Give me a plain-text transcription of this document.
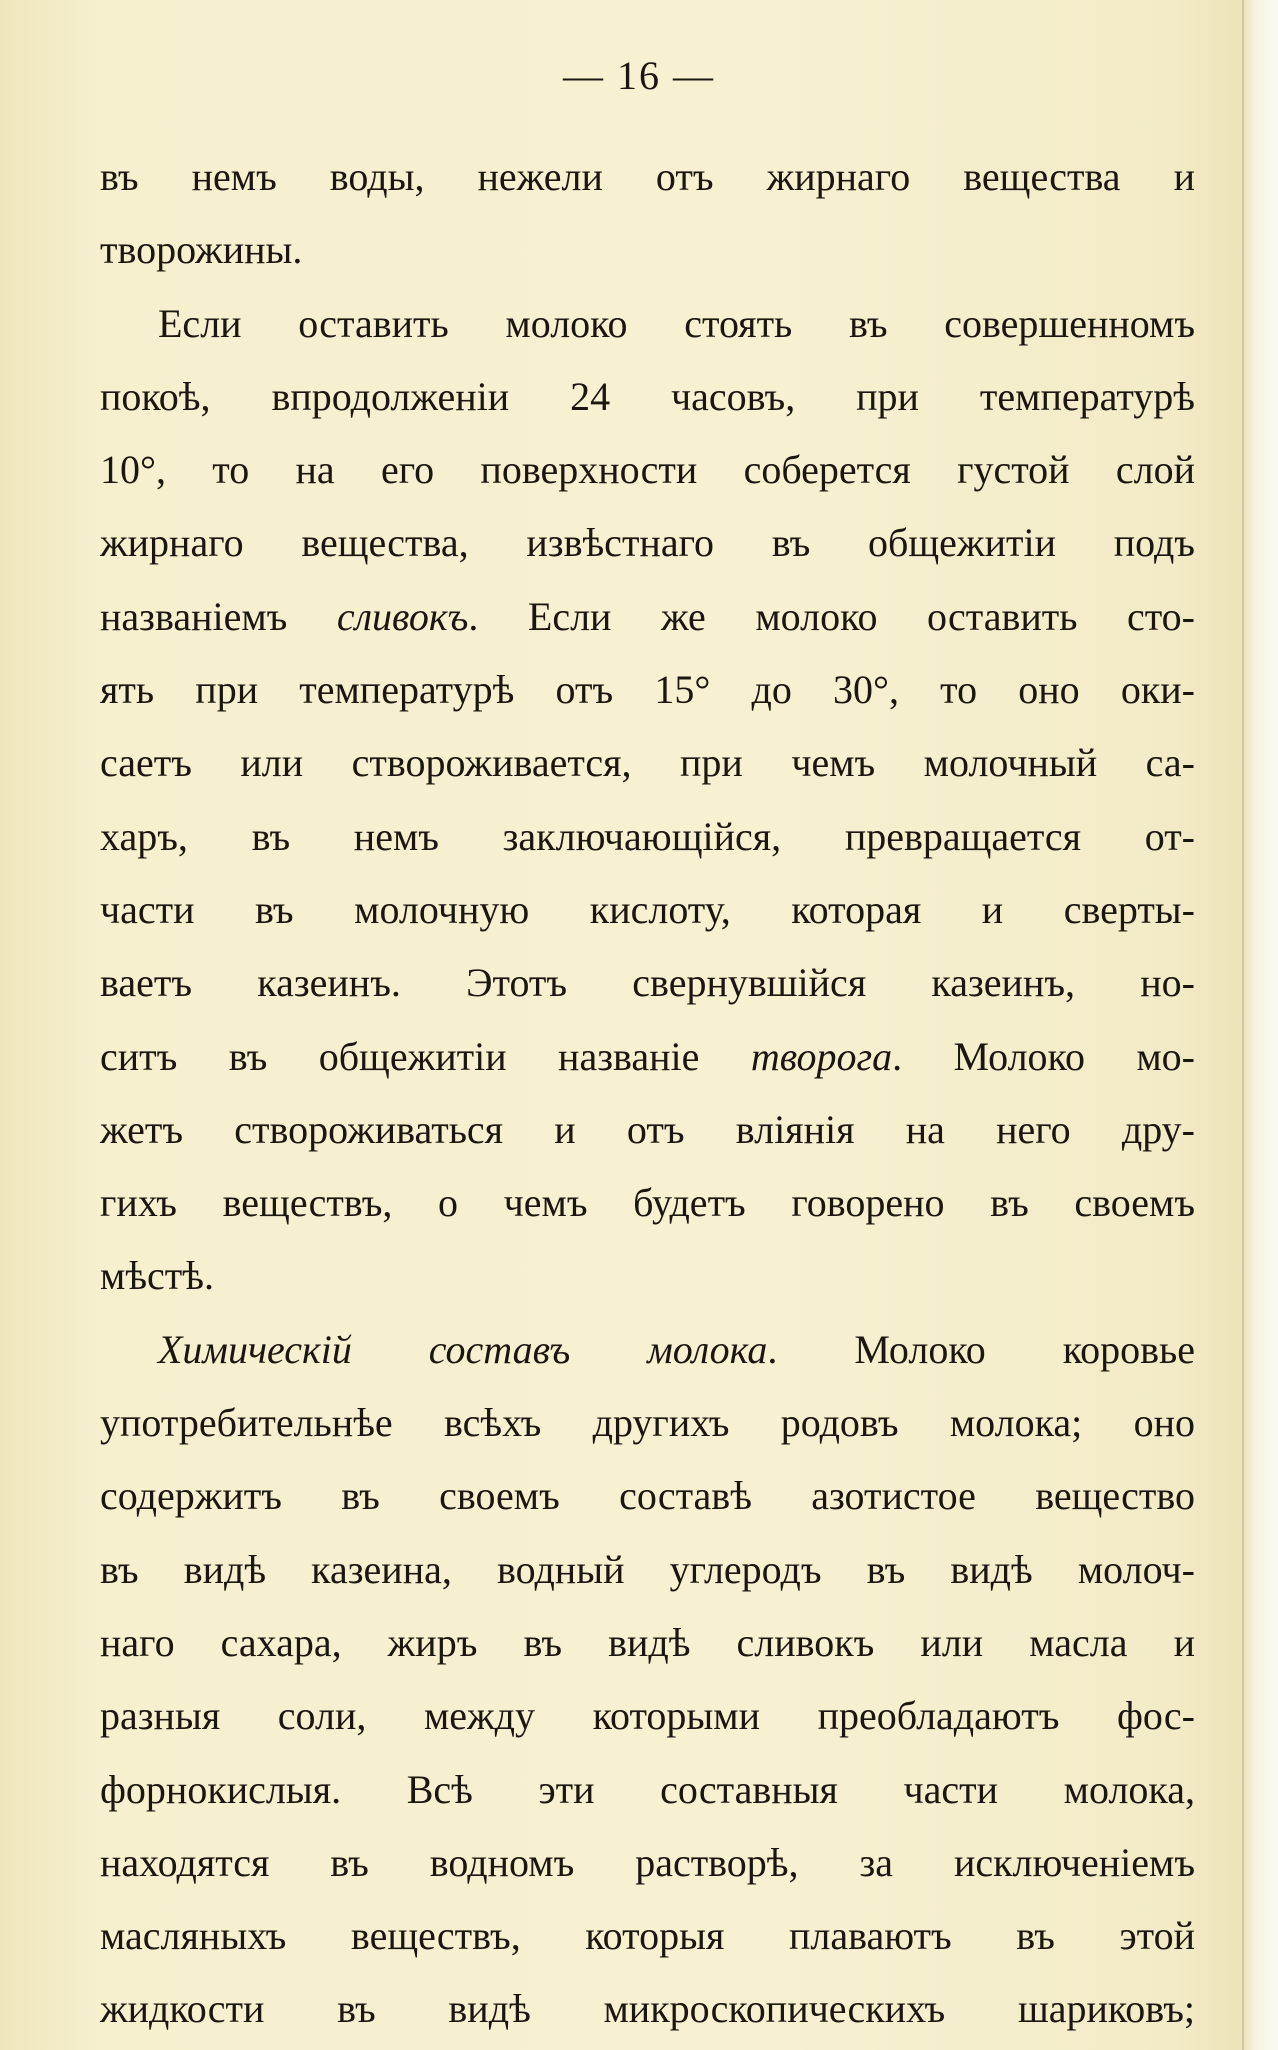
— 16 —

въ немъ воды, нежели отъ жирнаго вещества и
творожины.

Если оставить молоко стоять въ совершенномъ
покоѣ, впродолженіи 24 часовъ, при температурѣ
10°, то на его поверхности соберется густой слой
жирнаго вещества, извѣстнаго въ общежитіи подъ
названіемъ сливокъ. Если же молоко оставить сто-
ять при температурѣ отъ 15° до 30°, то оно оки-
саетъ или створоживается, при чемъ молочный са-
харъ, въ немъ заключающійся, превращается от-
части въ молочную кислоту, которая и сверты-
ваетъ казеинъ. Этотъ свернувшійся казеинъ, но-
ситъ въ общежитіи названіе творога. Молоко мо-
жетъ створоживаться и отъ вліянія на него дру-
гихъ веществъ, о чемъ будетъ говорено въ своемъ
мѣстѣ.

Химическій составъ молока. Молоко коровье
употребительнѣе всѣхъ другихъ родовъ молока; оно
содержитъ въ своемъ составѣ азотистое вещество
въ видѣ казеина, водный углеродъ въ видѣ молоч-
наго сахара, жиръ въ видѣ сливокъ или масла и
разныя соли, между которыми преобладаютъ фос-
форнокислыя. Всѣ эти составныя части молока,
находятся въ водномъ растворѣ, за исключеніемъ
масляныхъ веществъ, которыя плаваютъ въ этой
жидкости въ видѣ микроскопическихъ шариковъ;
